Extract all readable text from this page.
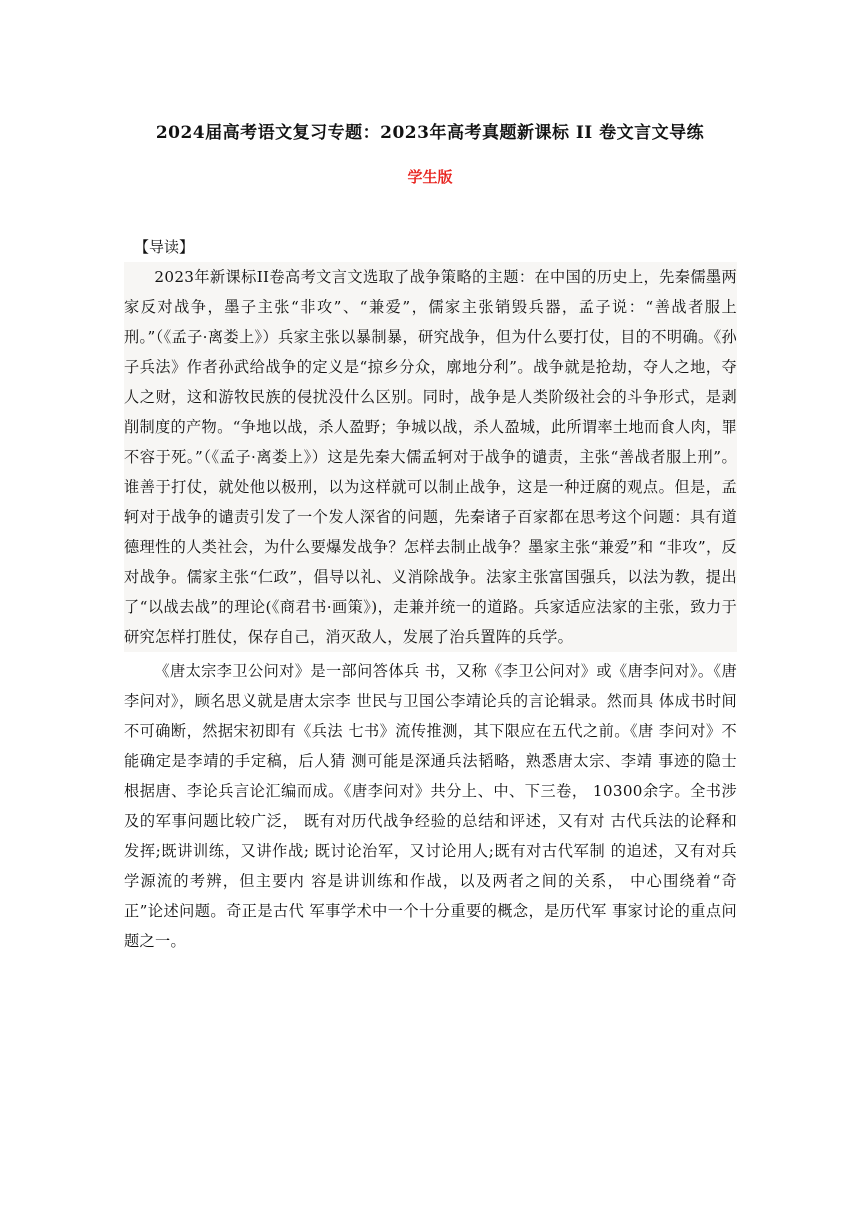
2024届高考语文复习专题：2023年高考真题新课标 II 卷文言文导练

学生版

【导读】

2023年新课标II卷高考文言文选取了战争策略的主题：在中国的历史上，先秦儒墨两家反对战争，墨子主张“非攻”、“兼爱”，儒家主张销毁兵器，孟子说：“善战者服上刑。”（《孟子·离娄上》）兵家主张以暴制暴，研究战争，但为什么要打仗，目的不明确。《孙子兵法》作者孙武给战争的定义是“掠乡分众，廓地分利”。战争就是抢劫，夺人之地，夺人之财，这和游牧民族的侵扰没什么区别。同时，战争是人类阶级社会的斗争形式，是剥削制度的产物。“争地以战，杀人盈野；争城以战，杀人盈城，此所谓率土地而食人肉，罪不容于死。”（《孟子·离娄上》）这是先秦大儒孟轲对于战争的谴责，主张“善战者服上刑”。谁善于打仗，就处他以极刑，以为这样就可以制止战争，这是一种迂腐的观点。但是，孟轲对于战争的谴责引发了一个发人深省的问题，先秦诸子百家都在思考这个问题：具有道德理性的人类社会，为什么要爆发战争？怎样去制止战争？墨家主张“兼爱”和 “非攻”，反对战争。儒家主张“仁政”，倡导以礼、义消除战争。法家主张富国强兵，以法为教，提出了“以战去战”的理论(《商君书·画策》)，走兼并统一的道路。兵家适应法家的主张，致力于研究怎样打胜仗，保存自己，消灭敌人，发展了治兵置阵的兵学。

《唐太宗李卫公问对》是一部问答体兵 书，又称《李卫公问对》或《唐李问对》。《唐李问对》，顾名思义就是唐太宗李 世民与卫国公李靖论兵的言论辑录。然而具 体成书时间不可确断，然据宋初即有《兵法 七书》流传推测，其下限应在五代之前。《唐 李问对》不能确定是李靖的手定稿，后人猜 测可能是深通兵法韬略，熟悉唐太宗、李靖 事迹的隐士根据唐、李论兵言论汇编而成。《唐李问对》共分上、中、下三卷， 10300余字。全书涉及的军事问题比较广泛， 既有对历代战争经验的总结和评述，又有对 古代兵法的论释和发挥;既讲训练，又讲作战; 既讨论治军，又讨论用人;既有对古代军制 的追述，又有对兵学源流的考辨，但主要内 容是讲训练和作战，以及两者之间的关系， 中心围绕着“奇正”论述问题。奇正是古代 军事学术中一个十分重要的概念，是历代军 事家讨论的重点问题之一。
